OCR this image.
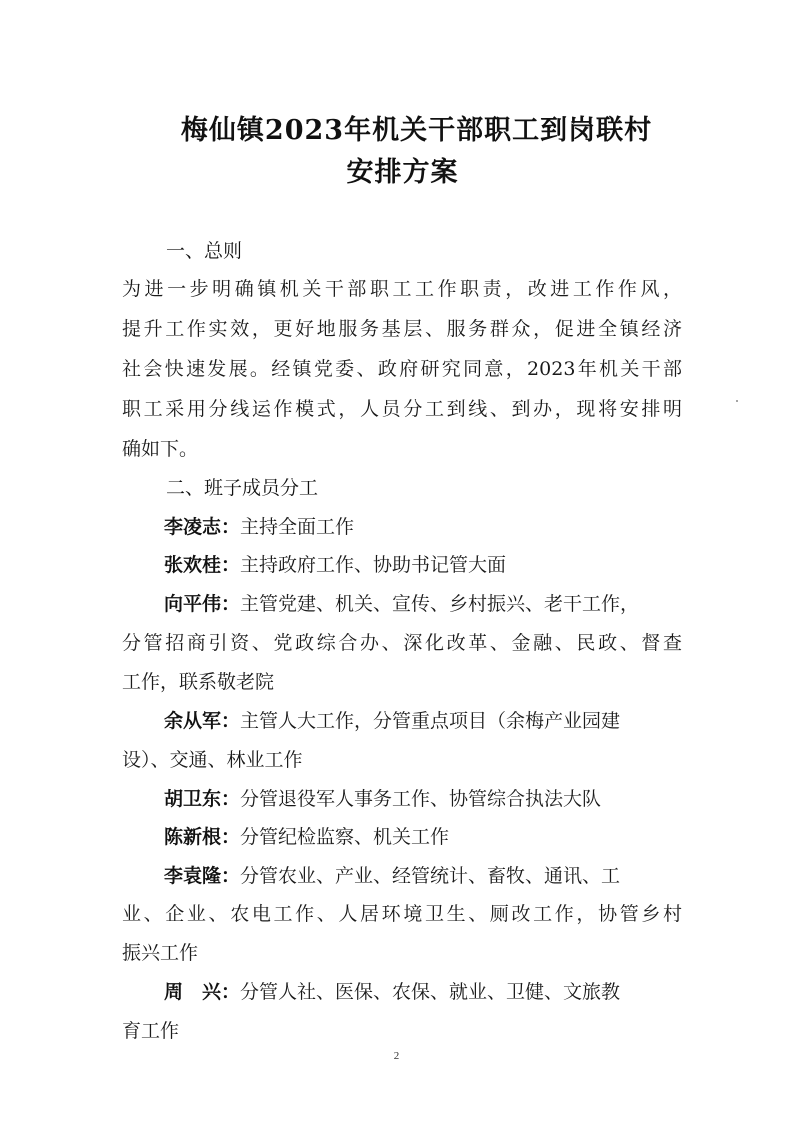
梅仙镇2023年机关干部职工到岗联村
安排方案
一、总则
为进一步明确镇机关干部职工工作职责，改进工作作风，
提升工作实效，更好地服务基层、服务群众，促进全镇经济
社会快速发展。经镇党委、政府研究同意，2023年机关干部
职工采用分线运作模式，人员分工到线、到办，现将安排明
确如下。
二、班子成员分工
李凌志：主持全面工作
张欢桂：主持政府工作、协助书记管大面
向平伟：主管党建、机关、宣传、乡村振兴、老干工作，
分管招商引资、党政综合办、深化改革、金融、民政、督查
工作，联系敬老院
余从军：主管人大工作，分管重点项目（余梅产业园建
设）、交通、林业工作
胡卫东：分管退役军人事务工作、协管综合执法大队
陈新根：分管纪检监察、机关工作
李袁隆：分管农业、产业、经管统计、畜牧、通讯、工
业、企业、农电工作、人居环境卫生、厕改工作，协管乡村
振兴工作
周　兴：分管人社、医保、农保、就业、卫健、文旅教
育工作
2
